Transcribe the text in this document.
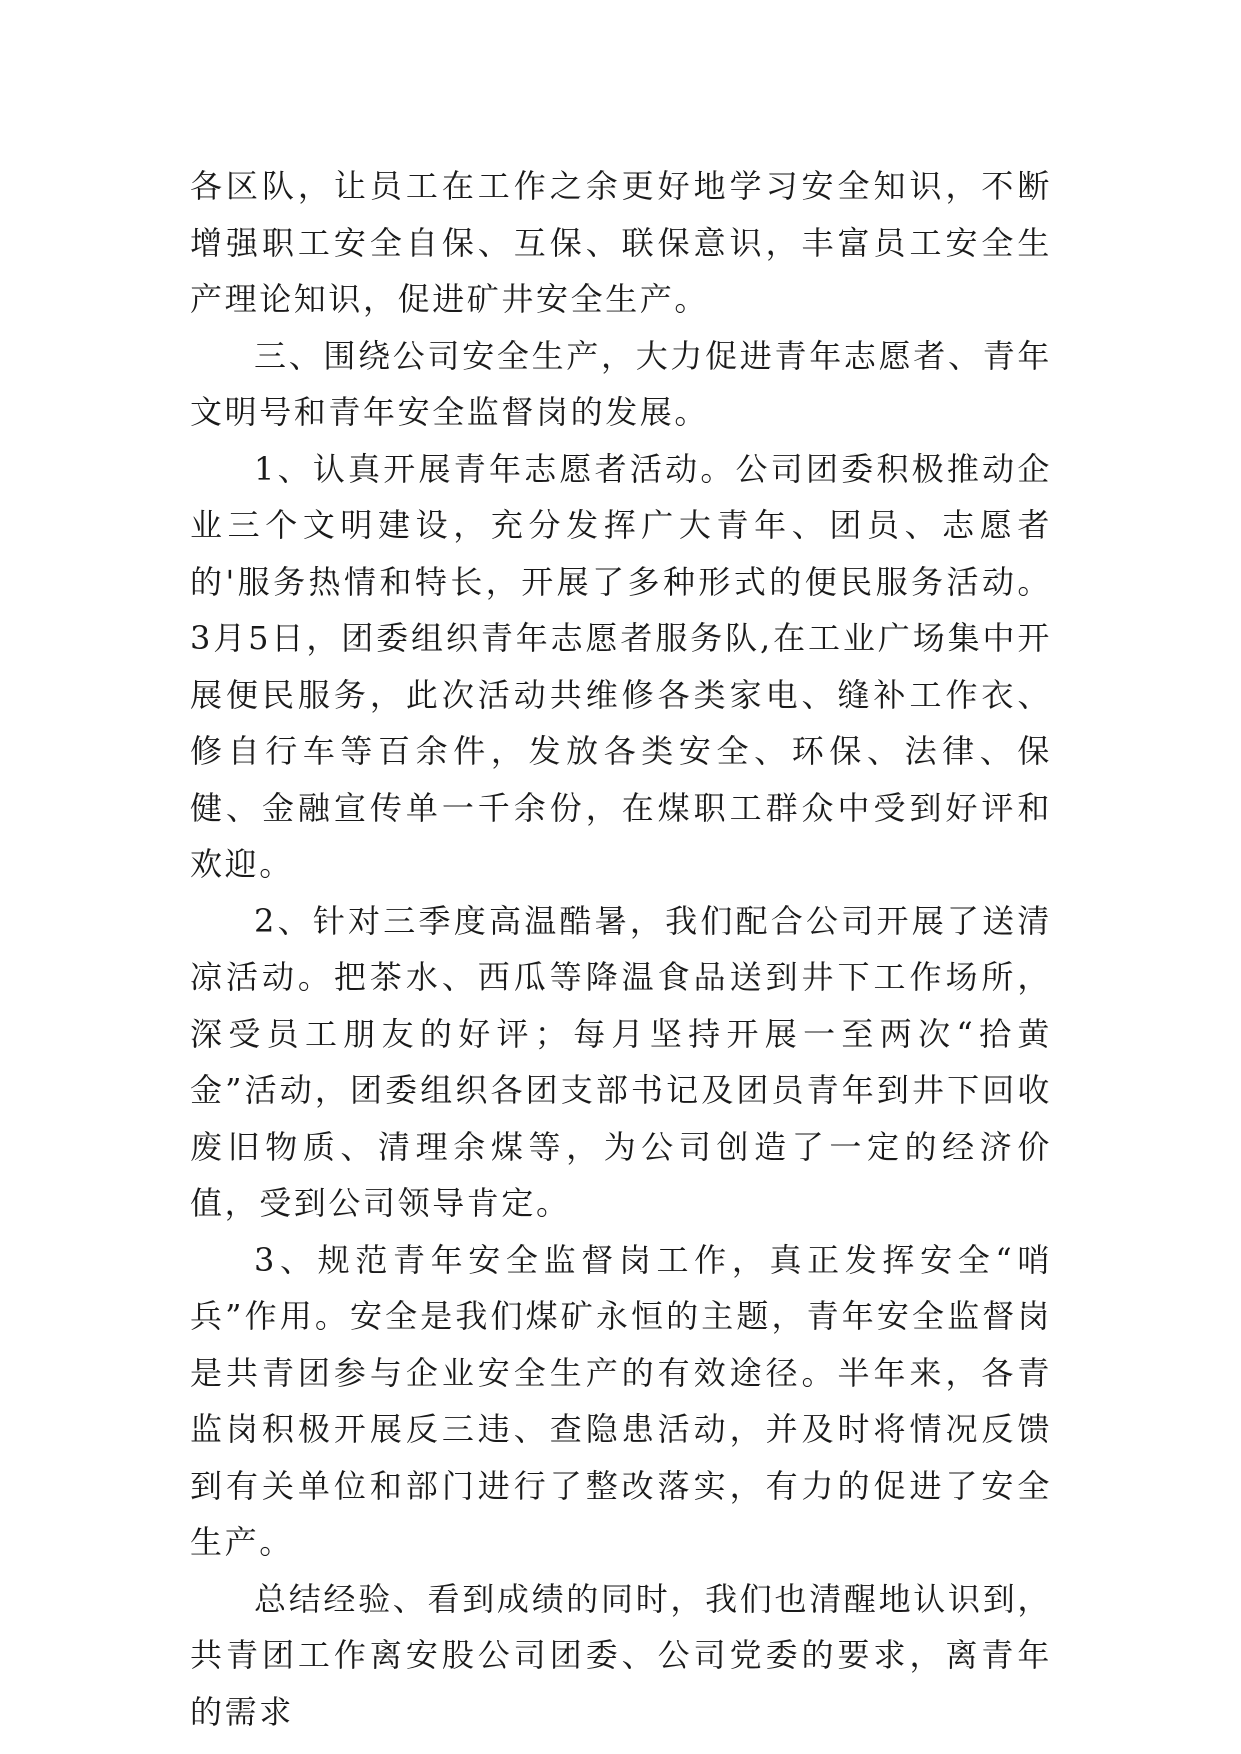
各区队，让员工在工作之余更好地学习安全知识，不断增强职工安全自保、互保、联保意识，丰富员工安全生产理论知识，促进矿井安全生产。

三、围绕公司安全生产，大力促进青年志愿者、青年文明号和青年安全监督岗的发展。

1、认真开展青年志愿者活动。公司团委积极推动企业三个文明建设，充分发挥广大青年、团员、志愿者的'服务热情和特长，开展了多种形式的便民服务活动。3月5日，团委组织青年志愿者服务队,在工业广场集中开展便民服务，此次活动共维修各类家电、缝补工作衣、修自行车等百余件，发放各类安全、环保、法律、保健、金融宣传单一千余份，在煤职工群众中受到好评和欢迎。

2、针对三季度高温酷暑，我们配合公司开展了送清凉活动。把茶水、西瓜等降温食品送到井下工作场所，深受员工朋友的好评；每月坚持开展一至两次“拾黄金”活动，团委组织各团支部书记及团员青年到井下回收废旧物质、清理余煤等，为公司创造了一定的经济价值，受到公司领导肯定。

3、规范青年安全监督岗工作，真正发挥安全“哨兵”作用。安全是我们煤矿永恒的主题，青年安全监督岗是共青团参与企业安全生产的有效途径。半年来，各青监岗积极开展反三违、查隐患活动，并及时将情况反馈到有关单位和部门进行了整改落实，有力的促进了安全生产。

总结经验、看到成绩的同时，我们也清醒地认识到，共青团工作离安股公司团委、公司党委的要求，离青年的需求
